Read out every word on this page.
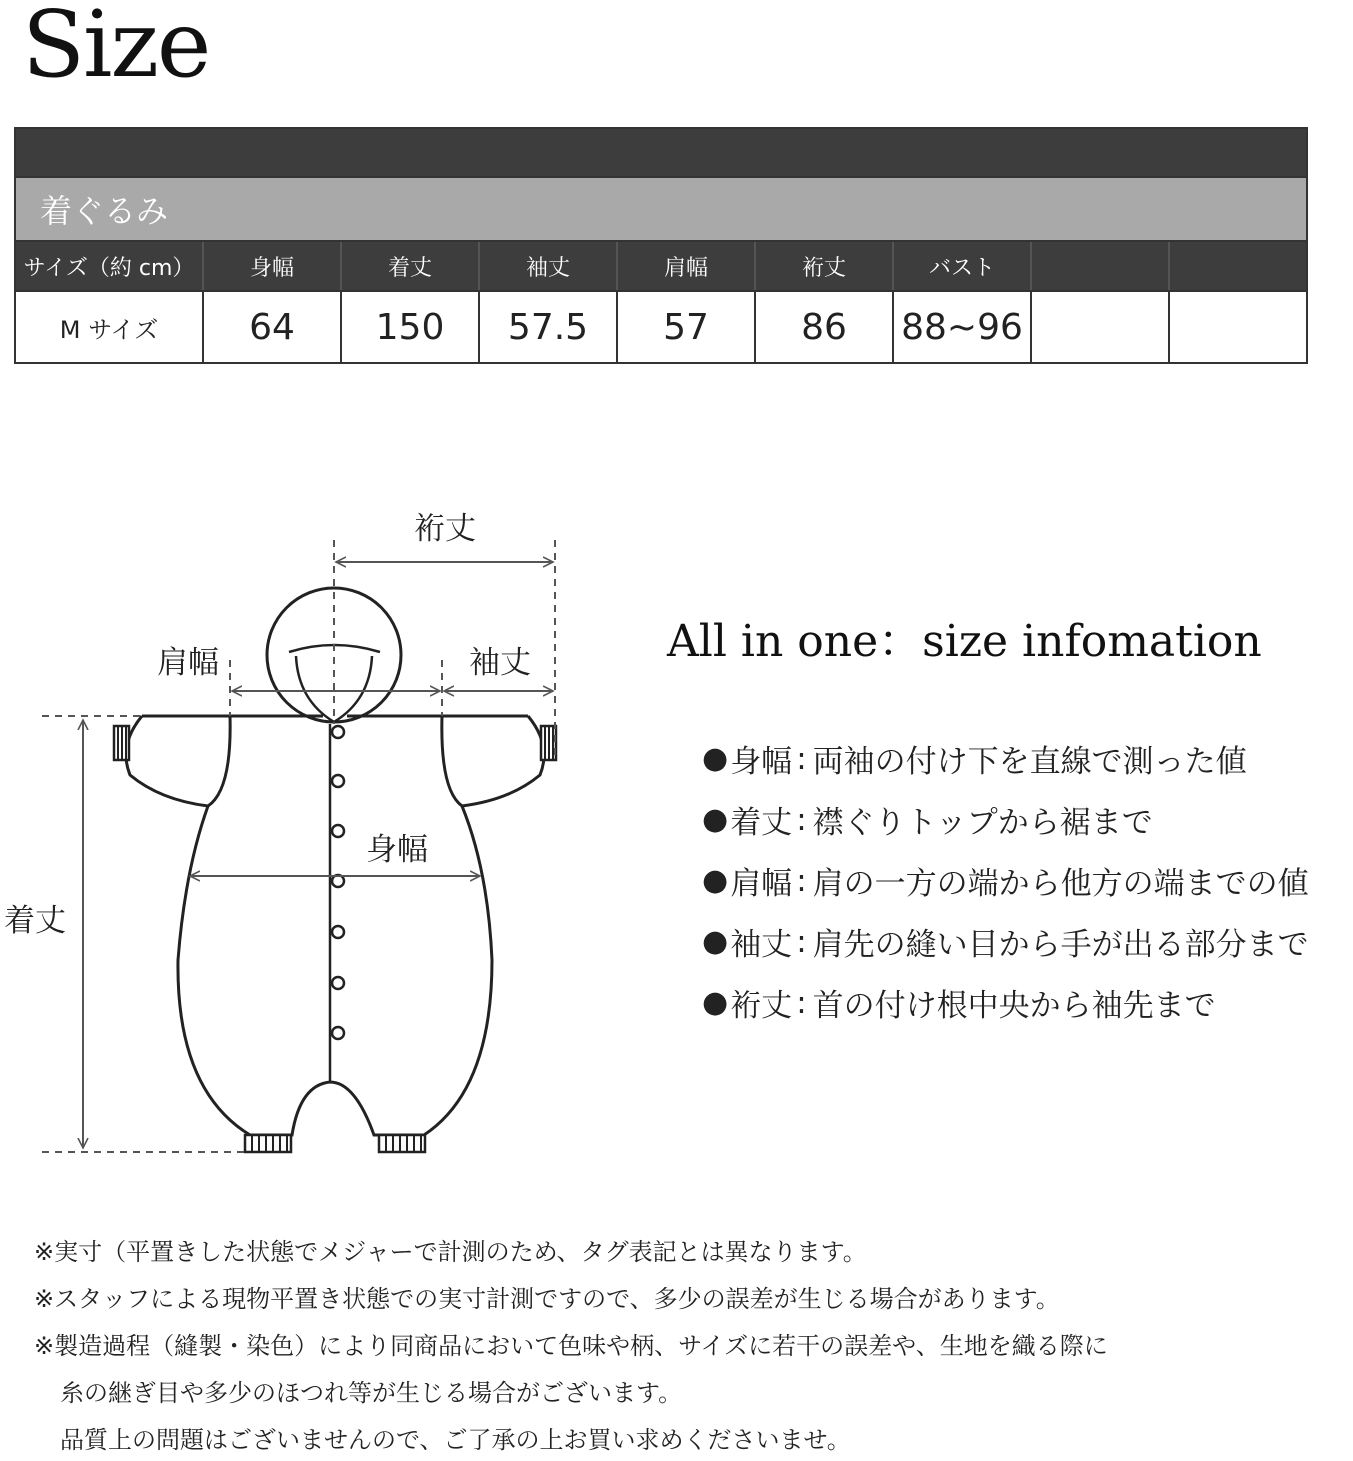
Size
着ぐるみ
サイズ（約 cm）	身幅	着丈	袖丈	肩幅	裄丈	バスト
M サイズ	64	150	57.5	57	86	88~96
裄丈
肩幅	袖丈
身幅
着丈
All in one：size infomation
● 身幅 : 両袖の付け下を直線で測った値
● 着丈 : 襟ぐりトップから裾まで
● 肩幅 : 肩の一方の端から他方の端までの値
● 袖丈 : 肩先の縫い目から手が出る部分まで
● 裄丈 : 首の付け根中央から袖先まで
※実寸（平置きした状態でメジャーで計測のため、タグ表記とは異なります。
※スタッフによる現物平置き状態での実寸計測ですので、多少の誤差が生じる場合があります。
※製造過程（縫製・染色）により同商品において色味や柄、サイズに若干の誤差や、生地を織る際に
糸の継ぎ目や多少のほつれ等が生じる場合がございます。
品質上の問題はございませんので、ご了承の上お買い求めくださいませ。
